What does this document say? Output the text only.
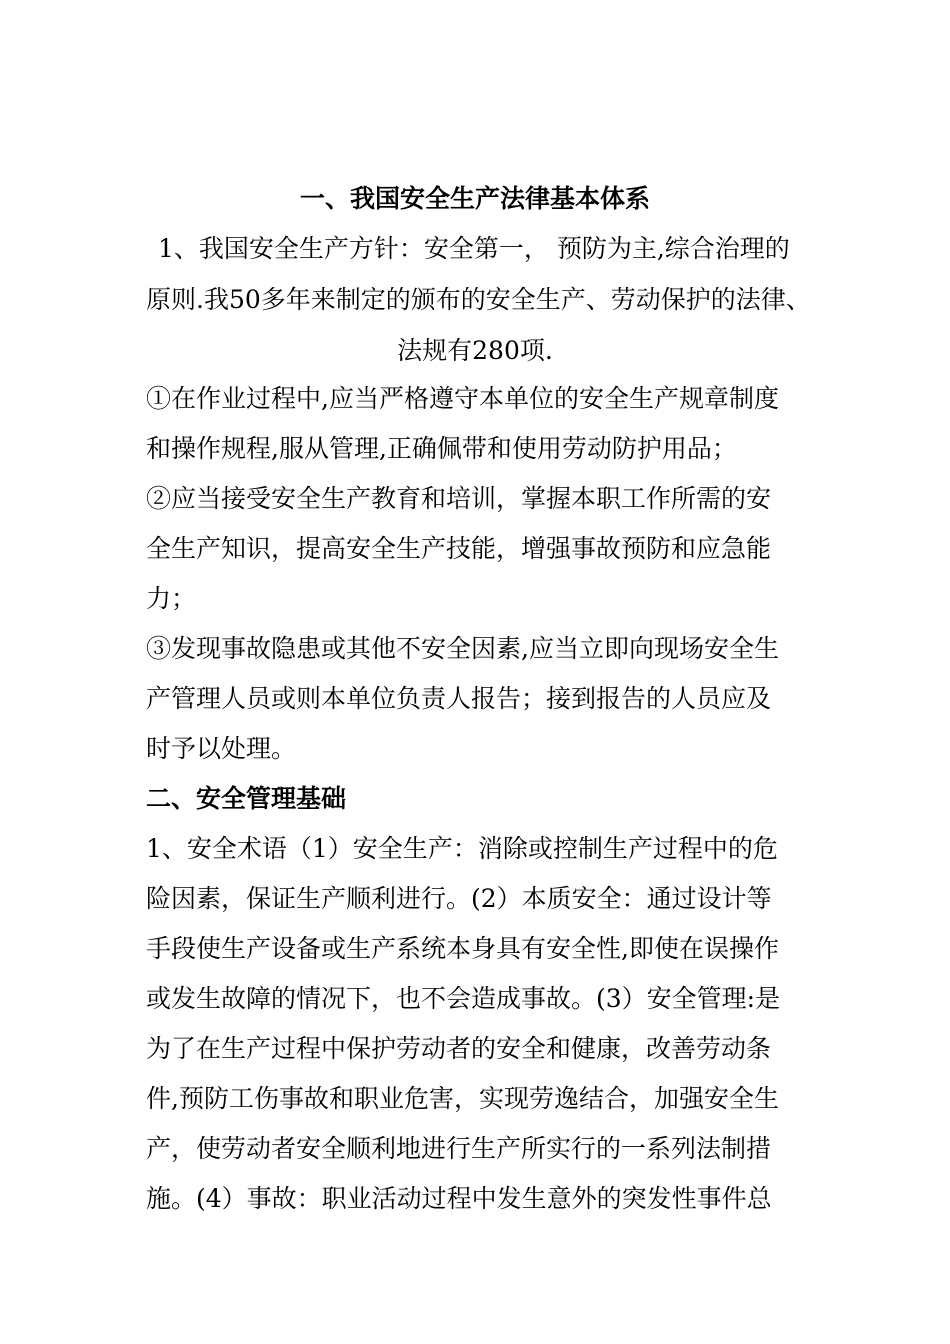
一、我国安全生产法律基本体系
1、我国安全生产方针：安全第一， 预防为主,综合治理的
原则.我50多年来制定的颁布的安全生产、劳动保护的法律、
法规有280项.
①在作业过程中,应当严格遵守本单位的安全生产规章制度
和操作规程,服从管理,正确佩带和使用劳动防护用品；
②应当接受安全生产教育和培训，掌握本职工作所需的安
全生产知识，提高安全生产技能，增强事故预防和应急能
力；
③发现事故隐患或其他不安全因素,应当立即向现场安全生
产管理人员或则本单位负责人报告；接到报告的人员应及
时予以处理。
二、安全管理基础
1、安全术语（1）安全生产：消除或控制生产过程中的危
险因素，保证生产顺利进行。(2）本质安全：通过设计等
手段使生产设备或生产系统本身具有安全性,即使在误操作
或发生故障的情况下，也不会造成事故。(3）安全管理:是
为了在生产过程中保护劳动者的安全和健康，改善劳动条
件,预防工伤事故和职业危害，实现劳逸结合，加强安全生
产，使劳动者安全顺利地进行生产所实行的一系列法制措
施。(4）事故：职业活动过程中发生意外的突发性事件总
